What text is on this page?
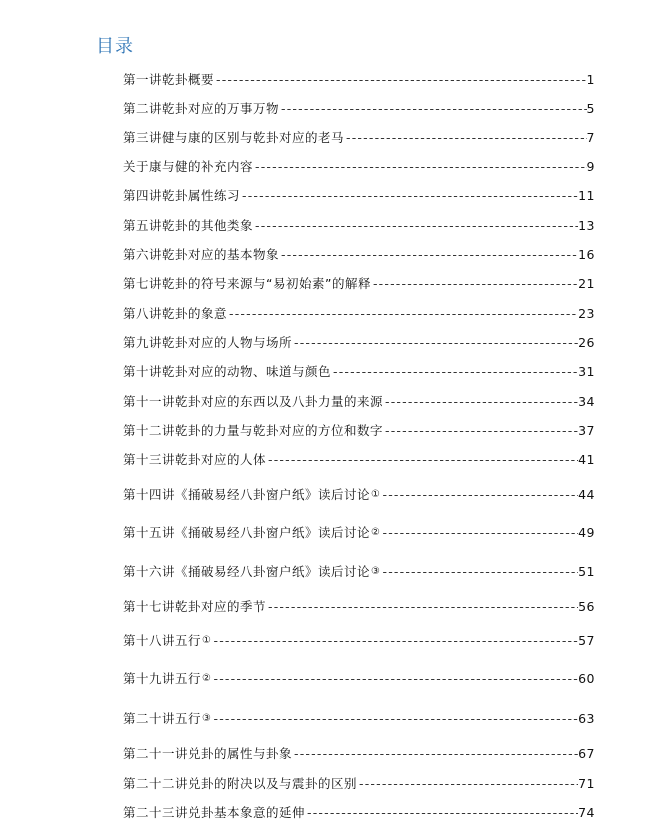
目录
第一讲乾卦概要 -----	1
第二讲乾卦对应的万事万物 -----	5
第三讲健与康的区别与乾卦对应的老马 -----	7
关于康与健的补充内容 -----	9
第四讲乾卦属性练习 -----	11
第五讲乾卦的其他类象 -----	13
第六讲乾卦对应的基本物象 -----	16
第七讲乾卦的符号来源与“易初始素”的解释 -----	21
第八讲乾卦的象意 -----	23
第九讲乾卦对应的人物与场所 -----	26
第十讲乾卦对应的动物、味道与颜色 -----	31
第十一讲乾卦对应的东西以及八卦力量的来源 -----	34
第十二讲乾卦的力量与乾卦对应的方位和数字 -----	37
第十三讲乾卦对应的人体 -----	41
第十四讲《捅破易经八卦窗户纸》读后讨论 ① -----	44
第十五讲《捅破易经八卦窗户纸》读后讨论 ② -----	49
第十六讲《捅破易经八卦窗户纸》读后讨论 ③ -----	51
第十七讲乾卦对应的季节 -----	56
第十八讲五行 ① -----	57
第十九讲五行 ② -----	60
第二十讲五行 ③ -----	63
第二十一讲兑卦的属性与卦象 -----	67
第二十二讲兑卦的附决以及与震卦的区别 -----	71
第二十三讲兑卦基本象意的延伸 -----	74
